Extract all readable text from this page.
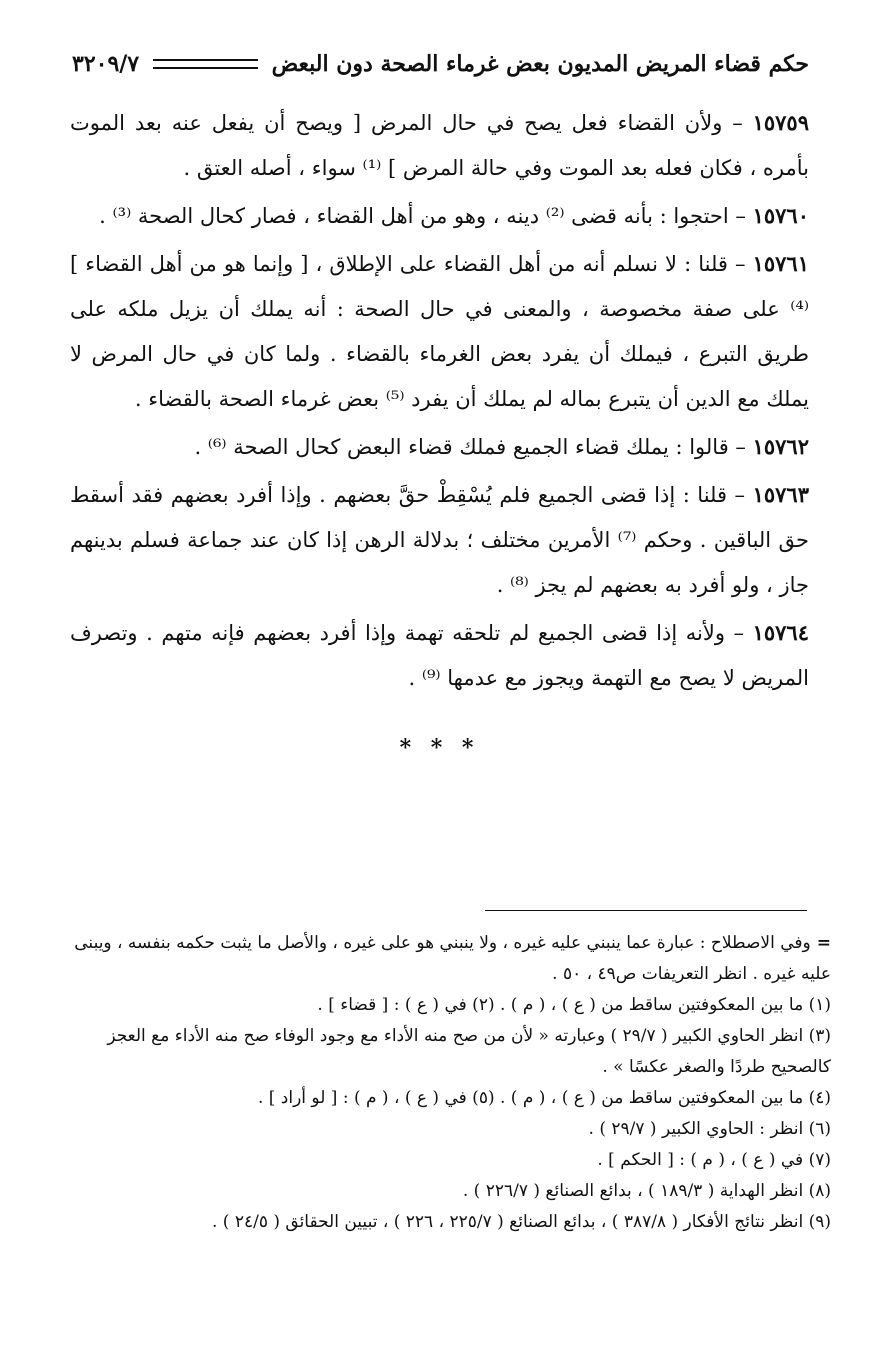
حكم قضاء المريض المديون بعض غرماء الصحة دون البعض
٣٢٠٩/٧

١٥٧٥٩ – ولأن القضاء فعل يصح في حال المرض [ ويصح أن يفعل عنه بعد الموت بأمره ، فكان فعله بعد الموت وفي حالة المرض ] ⁽¹⁾ سواء ، أصله العتق .

١٥٧٦٠ – احتجوا : بأنه قضى ⁽²⁾ دينه ، وهو من أهل القضاء ، فصار كحال الصحة ⁽³⁾ .

١٥٧٦١ – قلنا : لا نسلم أنه من أهل القضاء على الإطلاق ، [ وإنما هو من أهل القضاء ] ⁽⁴⁾ على صفة مخصوصة ، والمعنى في حال الصحة : أنه يملك أن يزيل ملكه على طريق التبرع ، فيملك أن يفرد بعض الغرماء بالقضاء . ولما كان في حال المرض لا يملك مع الدين أن يتبرع بماله لم يملك أن يفرد ⁽⁵⁾ بعض غرماء الصحة بالقضاء .

١٥٧٦٢ – قالوا : يملك قضاء الجميع فملك قضاء البعض كحال الصحة ⁽⁶⁾ .

١٥٧٦٣ – قلنا : إذا قضى الجميع فلم يُسْقِطْ حقَّ بعضهم . وإذا أفرد بعضهم فقد أسقط حق الباقين . وحكم ⁽⁷⁾ الأمرين مختلف ؛ بدلالة الرهن إذا كان عند جماعة فسلم بدينهم جاز ، ولو أفرد به بعضهم لم يجز ⁽⁸⁾ .

١٥٧٦٤ – ولأنه إذا قضى الجميع لم تلحقه تهمة وإذا أفرد بعضهم فإنه متهم . وتصرف المريض لا يصح مع التهمة ويجوز مع عدمها ⁽⁹⁾ .

* * *

=وفي الاصطلاح : عبارة عما ينبني عليه غيره ، ولا ينبني هو على غيره ، والأصل ما يثبت حكمه بنفسه ، ويبنى عليه غيره . انظر التعريفات ص٤٩ ، ٥٠ .

(١) ما بين المعكوفتين ساقط من ( ع ) ، ( م ) . (٢) في ( ع ) : [ قضاء ] .

(٣) انظر الحاوي الكبير ( ٢٩/٧ ) وعبارته « لأن من صح منه الأداء مع وجود الوفاء صح منه الأداء مع العجز كالصحيح طردًا والصغر عكسًا » .

(٤) ما بين المعكوفتين ساقط من ( ع ) ، ( م ) . (٥) في ( ع ) ، ( م ) : [ لو أراد ] .

(٦) انظر : الحاوي الكبير ( ٢٩/٧ ) .

(٧) في ( ع ) ، ( م ) : [ الحكم ] .

(٨) انظر الهداية ( ١٨٩/٣ ) ، بدائع الصنائع ( ٢٢٦/٧ ) .

(٩) انظر نتائج الأفكار ( ٣٨٧/٨ ) ، بدائع الصنائع ( ٢٢٥/٧ ، ٢٢٦ ) ، تبيين الحقائق ( ٢٤/٥ ) .
